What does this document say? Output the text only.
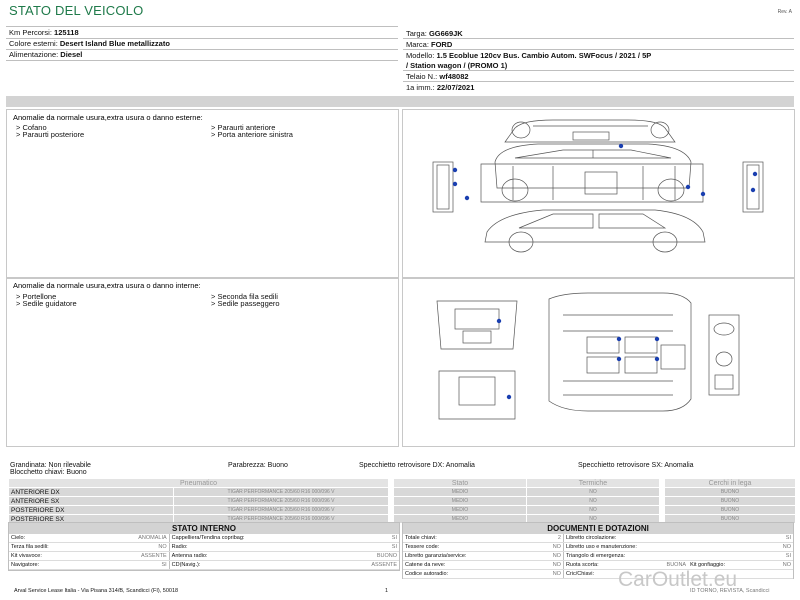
STATO DEL VEICOLO	Rev. A
Km Percorsi: 125118
Colore esterni: Desert Island Blue metallizzato
Alimentazione: Diesel
Targa: GG669JK
Marca: FORD
Modello: 1.5 Ecoblue 120cv Bus. Cambio Autom. SWFocus / 2021 / 5P
/ Station wagon / (PROMO 1)
Telaio N.: wf48082
1a imm.: 22/07/2021
Anomalie da normale usura,extra usura o danno esterne:
> Cofano	> Paraurti anteriore
> Paraurti posteriore	> Porta anteriore sinistra
Anomalie da normale usura,extra usura o danno interne:
> Portellone	> Seconda fila sedili
> Sedile guidatore	> Sedile passeggero
Grandinata: Non rilevabile
Blocchetto chiavi: Buono
Parabrezza: Buono	Specchietto retrovisore DX: Anomalia	Specchietto retrovisore SX: Anomalia
Pneumatico			Stato	Termiche		Cerchi in lega
ANTERIORE DX	TIGAR PERFORMANCE 205/60 R16 000/096 V		MEDIO	NO		BUONO
ANTERIORE SX	TIGAR PERFORMANCE 205/60 R16 000/096 V		MEDIO	NO		BUONO
POSTERIORE DX	TIGAR PERFORMANCE 205/60 R16 000/096 V		MEDIO	NO		BUONO
POSTERIORE SX	TIGAR PERFORMANCE 205/60 R16 000/096 V		MEDIO	NO		BUONO
STATO INTERNO
Cielo:	ANOMALIA	Cappelliera/Tendina copribag:	SI
Terza fila sedili:	NO	Radio:	SI
Kit vivavoce:	ASSENTE	Antenna radio:	BUONO
Navigatore:	SI	CD(Navig.):	ASSENTE
DOCUMENTI E DOTAZIONI
Totale chiavi:	2	Libretto circolazione:			SI
Tessere code:	NO	Libretto uso e manutenzione:			NO
Libretto garanzia/service:	NO	Triangolo di emergenza:			SI
Catene da neve:	NO	Ruota scorta:	BUONA	Kit gonfiaggio:	NO
Codice autoradio:	NO	Cric/Chiavi:			
Arval Service Lease Italia - Via Pisana 314/B, Scandicci (FI), 50018	1	ID TORNO, REVISTA, Scandicci
CarOutlet.eu
